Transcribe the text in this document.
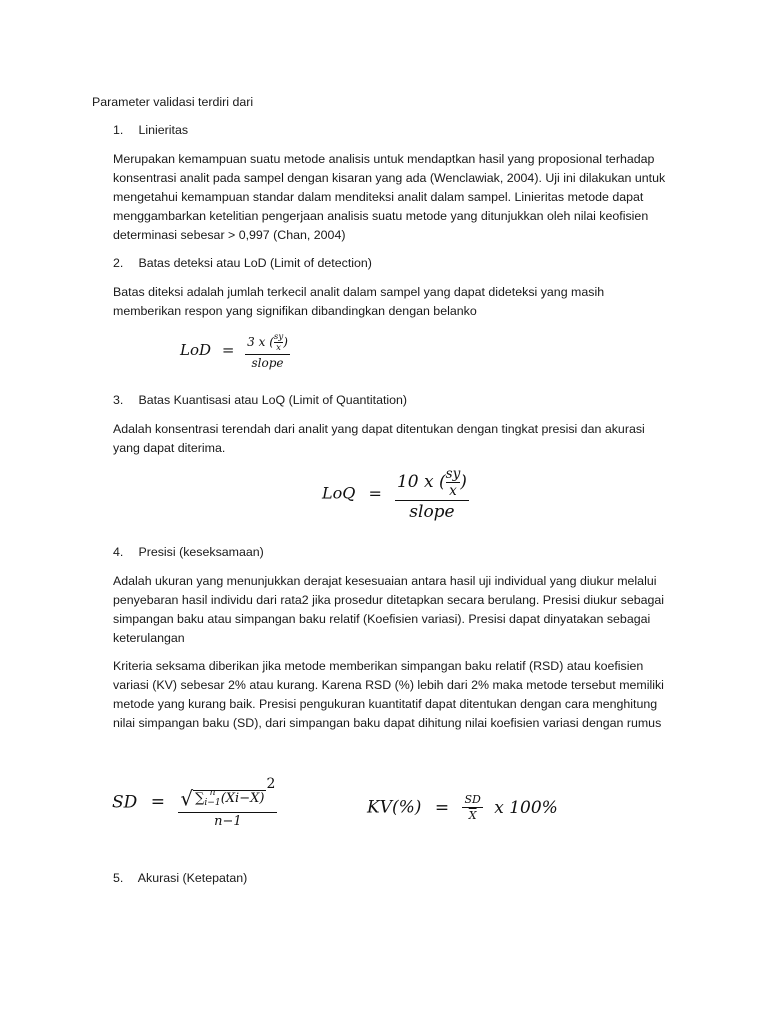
Parameter validasi terdiri dari

1. Linieritas

Merupakan kemampuan suatu metode analisis untuk mendaptkan hasil yang proposional terhadap konsentrasi analit pada sampel dengan kisaran yang ada (Wenclawiak, 2004). Uji ini dilakukan untuk mengetahui kemampuan standar dalam menditeksi analit dalam sampel. Linieritas metode dapat menggambarkan ketelitian pengerjaan analisis suatu metode yang ditunjukkan oleh nilai keofisien determinasi sebesar > 0,997 (Chan, 2004)

2. Batas deteksi atau LoD (Limit of detection)

Batas diteksi adalah jumlah terkecil analit dalam sampel yang dapat dideteksi yang masih memberikan respon yang signifikan dibandingkan dengan belanko

LoD = $\frac{3 x ( \frac{sy}{x} )}{\text{slope}}$

3. Batas Kuantisasi atau LoQ (Limit of Quantitation)

Adalah konsentrasi terendah dari analit yang dapat ditentukan dengan tingkat presisi dan akurasi yang dapat diterima.

LoQ = $\frac{10 x ( \frac{sy}{x} )}{\text{slope}}$

4. Presisi (keseksamaan)

Adalah ukuran yang menunjukkan derajat kesesuaian antara hasil uji individual yang diukur melalui penyebaran hasil individu dari rata2 jika prosedur ditetapkan secara berulang. Presisi diukur sebagai simpangan baku atau simpangan baku relatif (Koefisien variasi). Presisi dapat dinyatakan sebagai keterulangan

Kriteria seksama diberikan jika metode memberikan simpangan baku relatif (RSD) atau koefisien variasi (KV) sebesar 2% atau kurang. Karena RSD (%) lebih dari 2% maka metode tersebut memiliki metode yang kurang baik. Presisi pengukuran kuantitatif dapat ditentukan dengan cara menghitung nilai simpangan baku (SD), dari simpangan baku dapat dihitung nilai koefisien variasi dengan rumus

SD = √ ∑ n
i−1 $(Xi-\overline{X})^2$
n−1	$KV(\%) = \frac{SD}{X}$ x 100%

5. Akurasi (Ketepatan)
